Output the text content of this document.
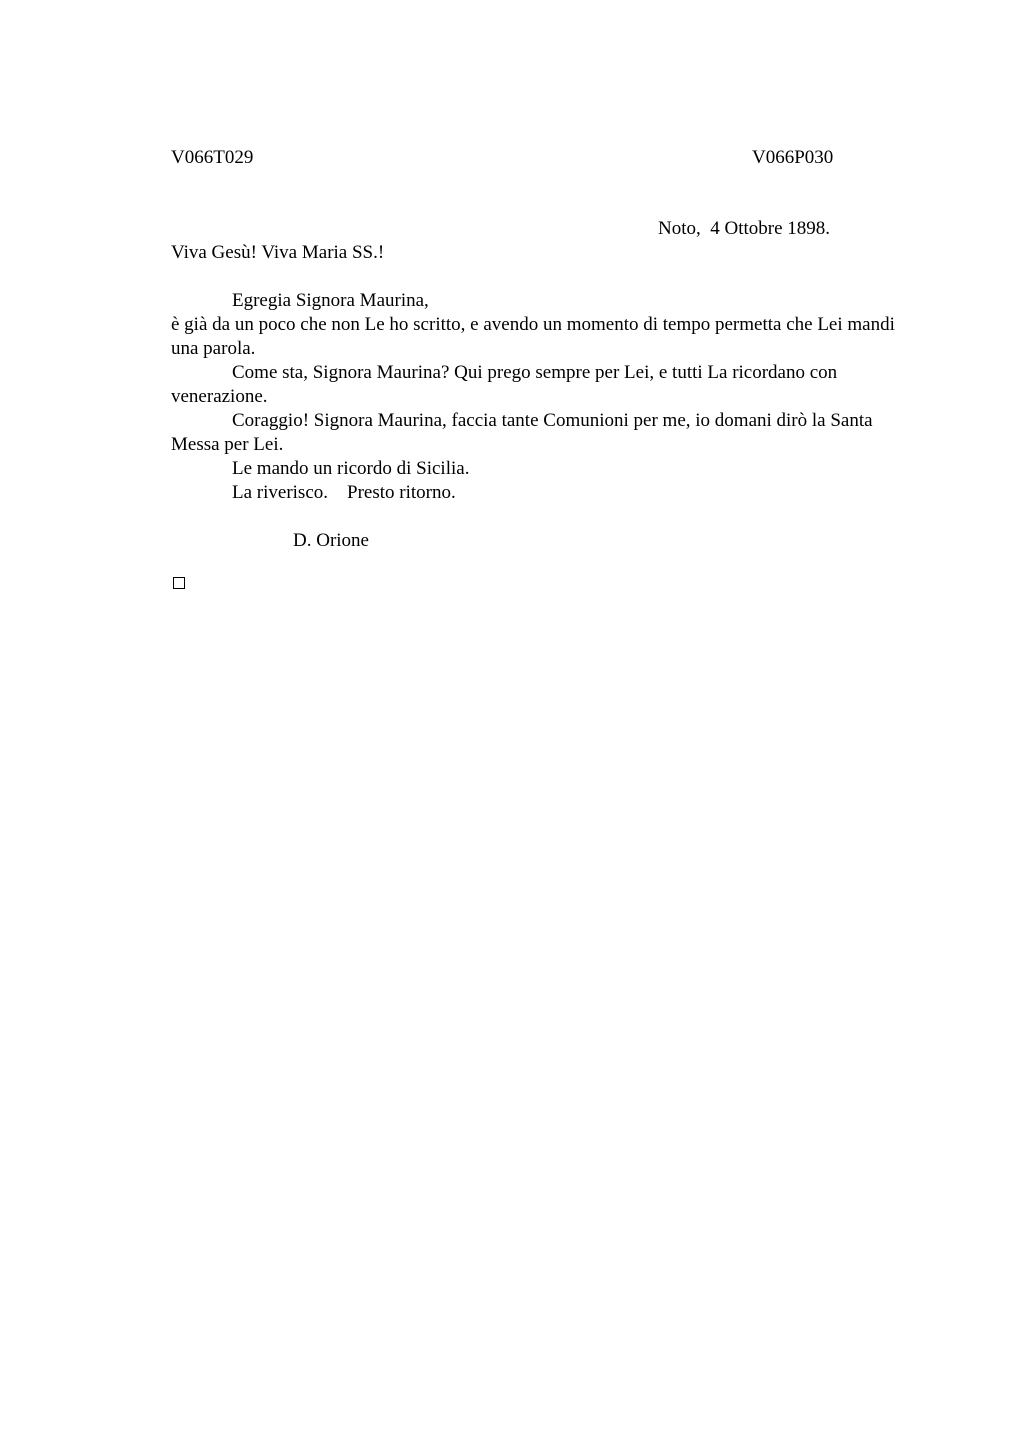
V066T029	V066P030
Noto,  4 Ottobre 1898.

Viva Gesù! Viva Maria SS.!

Egregia Signora Maurina,

è già da un poco che non Le ho scritto, e avendo un momento di tempo permetta che Lei mandi una parola.

Come sta, Signora Maurina? Qui prego sempre per Lei, e tutti La ricordano con venerazione.

Coraggio! Signora Maurina, faccia tante Comunioni per me, io domani dirò la Santa Messa per Lei.

Le mando un ricordo di Sicilia.

La riverisco.    Presto ritorno.

D. Orione
